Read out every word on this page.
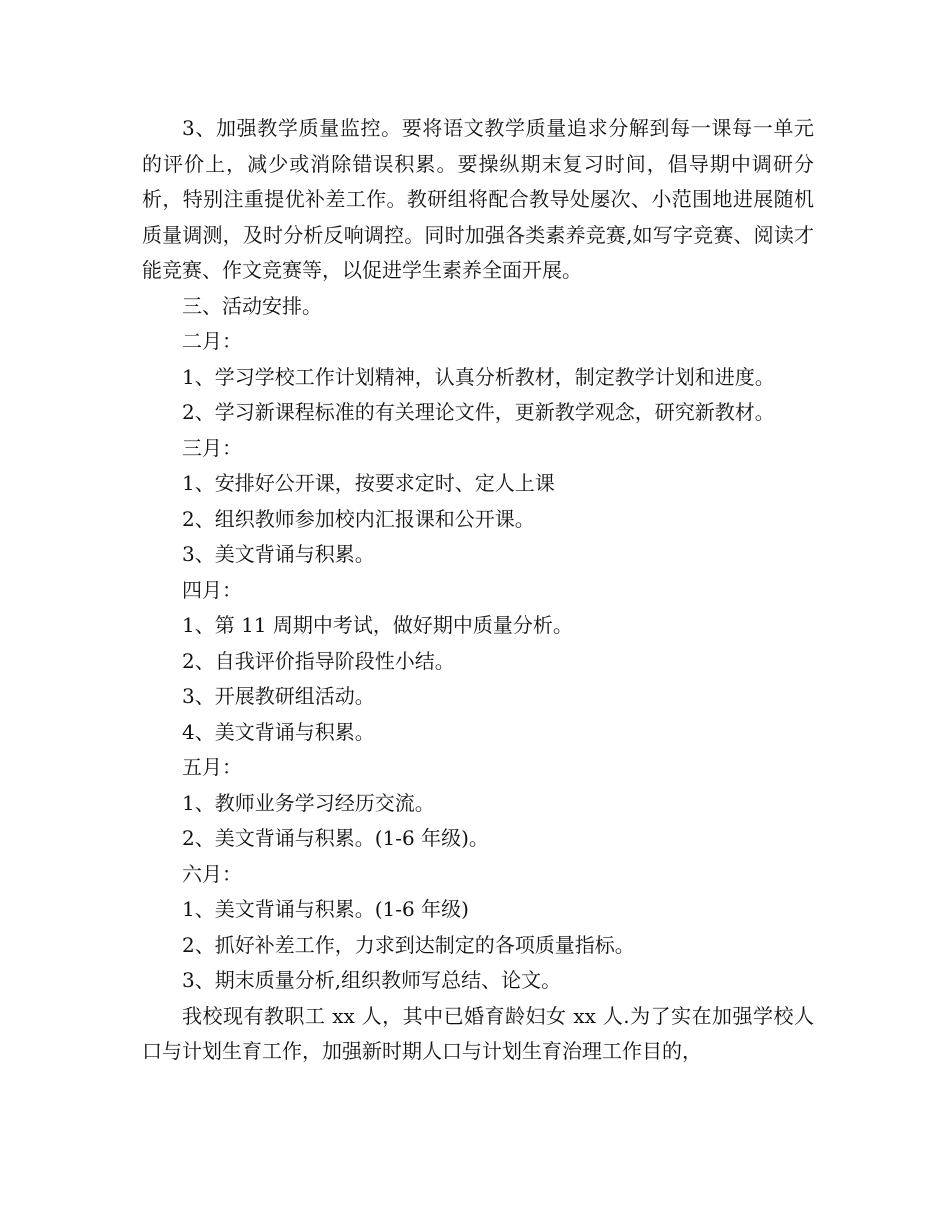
3、加强教学质量监控。要将语文教学质量追求分解到每一课每一单元的评价上，减少或消除错误积累。要操纵期末复习时间，倡导期中调研分析，特别注重提优补差工作。教研组将配合教导处屡次、小范围地进展随机质量调测，及时分析反响调控。同时加强各类素养竞赛,如写字竞赛、阅读才能竞赛、作文竞赛等，以促进学生素养全面开展。

三、活动安排。
二月：
1、学习学校工作计划精神，认真分析教材，制定教学计划和进度。
2、学习新课程标准的有关理论文件，更新教学观念，研究新教材。
三月：
1、安排好公开课，按要求定时、定人上课
2、组织教师参加校内汇报课和公开课。
3、美文背诵与积累。
四月：
1、第 11 周期中考试，做好期中质量分析。
2、自我评价指导阶段性小结。
3、开展教研组活动。
4、美文背诵与积累。
五月：
1、教师业务学习经历交流。
2、美文背诵与积累。(1-6 年级)。
六月：
1、美文背诵与积累。(1-6 年级)
2、抓好补差工作，力求到达制定的各项质量指标。
3、期末质量分析,组织教师写总结、论文。

我校现有教职工 xx 人，其中已婚育龄妇女 xx 人.为了实在加强学校人口与计划生育工作，加强新时期人口与计划生育治理工作目的，
